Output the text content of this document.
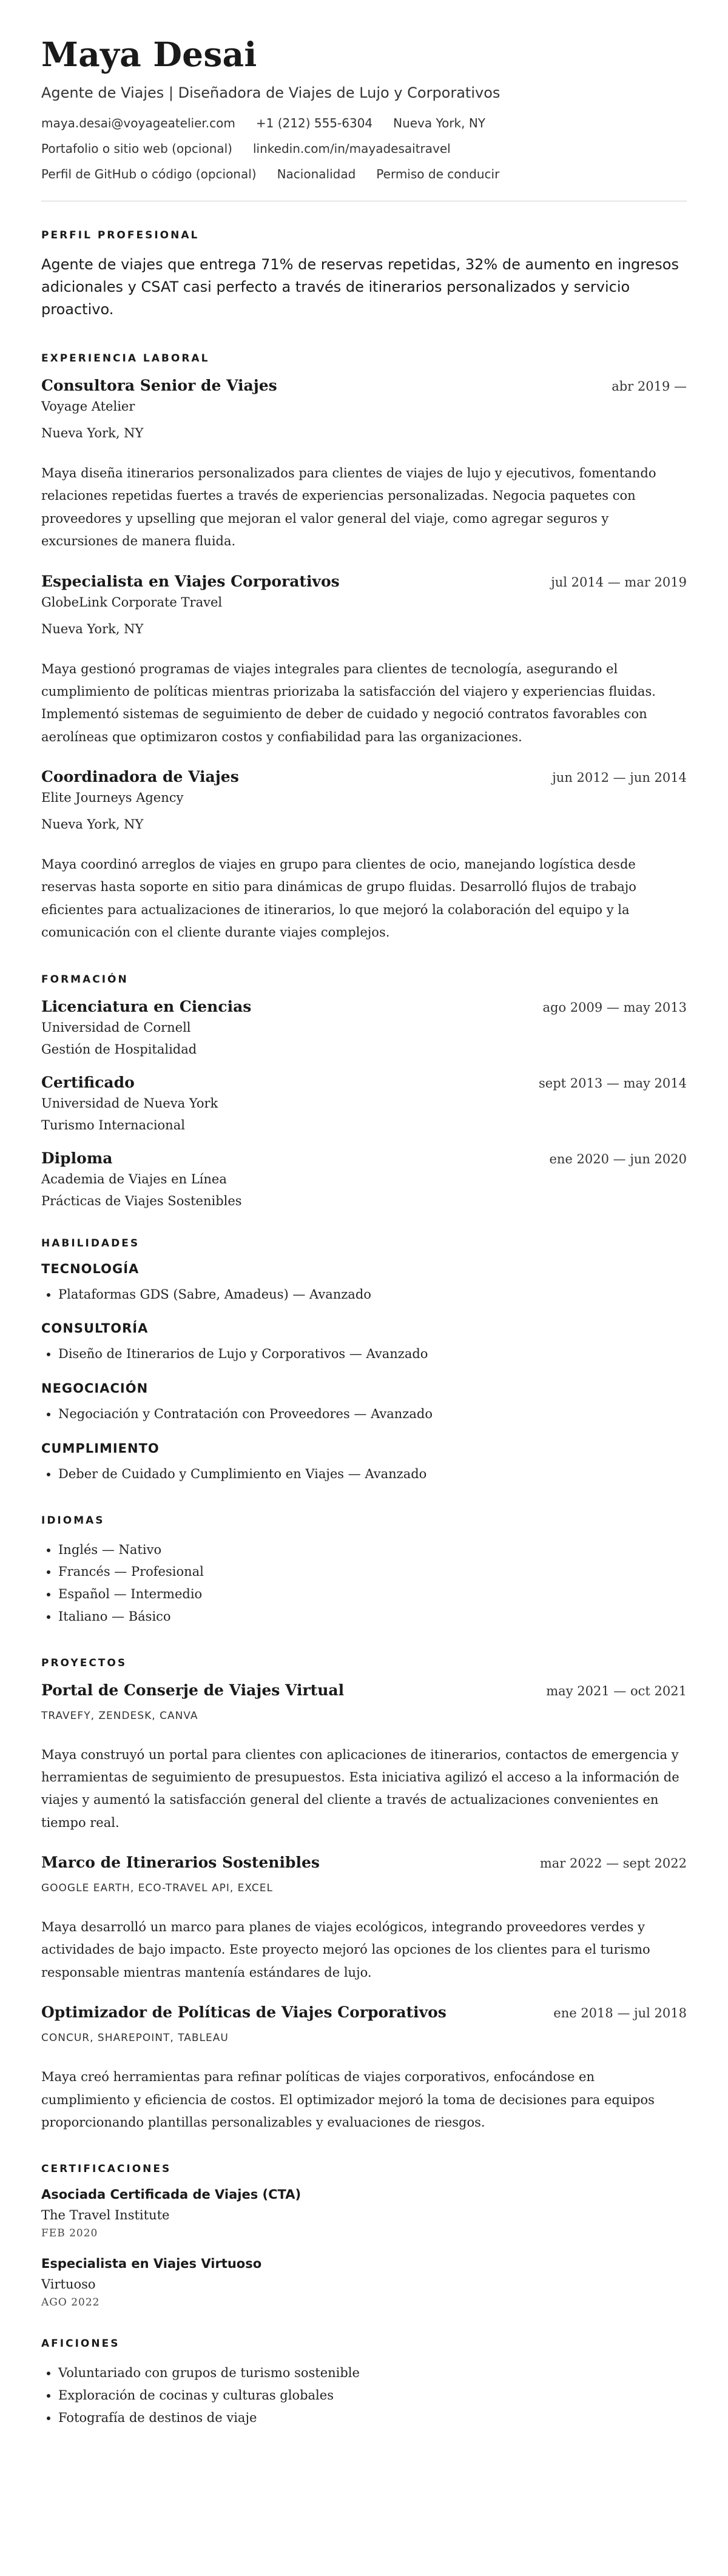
Maya Desai
Agente de Viajes | Diseñadora de Viajes de Lujo y Corporativos
maya.desai@voyageatelier.com +1 (212) 555-6304 Nueva York, NY
Portafolio o sitio web (opcional) linkedin.com/in/mayadesaitravel
Perfil de GitHub o código (opcional) Nacionalidad Permiso de conducir
PERFIL PROFESIONAL

Agente de viajes que entrega 71% de reservas repetidas, 32% de aumento en ingresos adicionales y CSAT casi perfecto a través de itinerarios personalizados y servicio proactivo.

EXPERIENCIA LABORAL
Consultora Senior de Viajes	abr 2019 —
Voyage Atelier
Nueva York, NY
Maya diseña itinerarios personalizados para clientes de viajes de lujo y ejecutivos, fomentando relaciones repetidas fuertes a través de experiencias personalizadas. Negocia paquetes con proveedores y upselling que mejoran el valor general del viaje, como agregar seguros y excursiones de manera fluida.
Especialista en Viajes Corporativos	jul 2014 — mar 2019
GlobeLink Corporate Travel
Nueva York, NY
Maya gestionó programas de viajes integrales para clientes de tecnología, asegurando el cumplimiento de políticas mientras priorizaba la satisfacción del viajero y experiencias fluidas. Implementó sistemas de seguimiento de deber de cuidado y negoció contratos favorables con aerolíneas que optimizaron costos y confiabilidad para las organizaciones.
Coordinadora de Viajes	jun 2012 — jun 2014
Elite Journeys Agency
Nueva York, NY
Maya coordinó arreglos de viajes en grupo para clientes de ocio, manejando logística desde reservas hasta soporte en sitio para dinámicas de grupo fluidas. Desarrolló flujos de trabajo eficientes para actualizaciones de itinerarios, lo que mejoró la colaboración del equipo y la comunicación con el cliente durante viajes complejos.
FORMACIÓN
Licenciatura en Ciencias	ago 2009 — may 2013
Universidad de Cornell
Gestión de Hospitalidad
Certificado	sept 2013 — may 2014
Universidad de Nueva York
Turismo Internacional
Diploma	ene 2020 — jun 2020
Academia de Viajes en Línea
Prácticas de Viajes Sostenibles
HABILIDADES
TECNOLOGÍA
• Plataformas GDS (Sabre, Amadeus) — Avanzado
CONSULTORÍA
• Diseño de Itinerarios de Lujo y Corporativos — Avanzado
NEGOCIACIÓN
• Negociación y Contratación con Proveedores — Avanzado
CUMPLIMIENTO
• Deber de Cuidado y Cumplimiento en Viajes — Avanzado
IDIOMAS
• Inglés — Nativo
• Francés — Profesional
• Español — Intermedio
• Italiano — Básico
PROYECTOS
Portal de Conserje de Viajes Virtual	may 2021 — oct 2021
TRAVEFY, ZENDESK, CANVA
Maya construyó un portal para clientes con aplicaciones de itinerarios, contactos de emergencia y herramientas de seguimiento de presupuestos. Esta iniciativa agilizó el acceso a la información de viajes y aumentó la satisfacción general del cliente a través de actualizaciones convenientes en tiempo real.
Marco de Itinerarios Sostenibles	mar 2022 — sept 2022
GOOGLE EARTH, ECO-TRAVEL API, EXCEL
Maya desarrolló un marco para planes de viajes ecológicos, integrando proveedores verdes y actividades de bajo impacto. Este proyecto mejoró las opciones de los clientes para el turismo responsable mientras mantenía estándares de lujo.
Optimizador de Políticas de Viajes Corporativos	ene 2018 — jul 2018
CONCUR, SHAREPOINT, TABLEAU
Maya creó herramientas para refinar políticas de viajes corporativos, enfocándose en cumplimiento y eficiencia de costos. El optimizador mejoró la toma de decisiones para equipos proporcionando plantillas personalizables y evaluaciones de riesgos.
CERTIFICACIONES
Asociada Certificada de Viajes (CTA)
The Travel Institute
FEB 2020
Especialista en Viajes Virtuoso
Virtuoso
AGO 2022
AFICIONES
• Voluntariado con grupos de turismo sostenible
• Exploración de cocinas y culturas globales
• Fotografía de destinos de viaje
